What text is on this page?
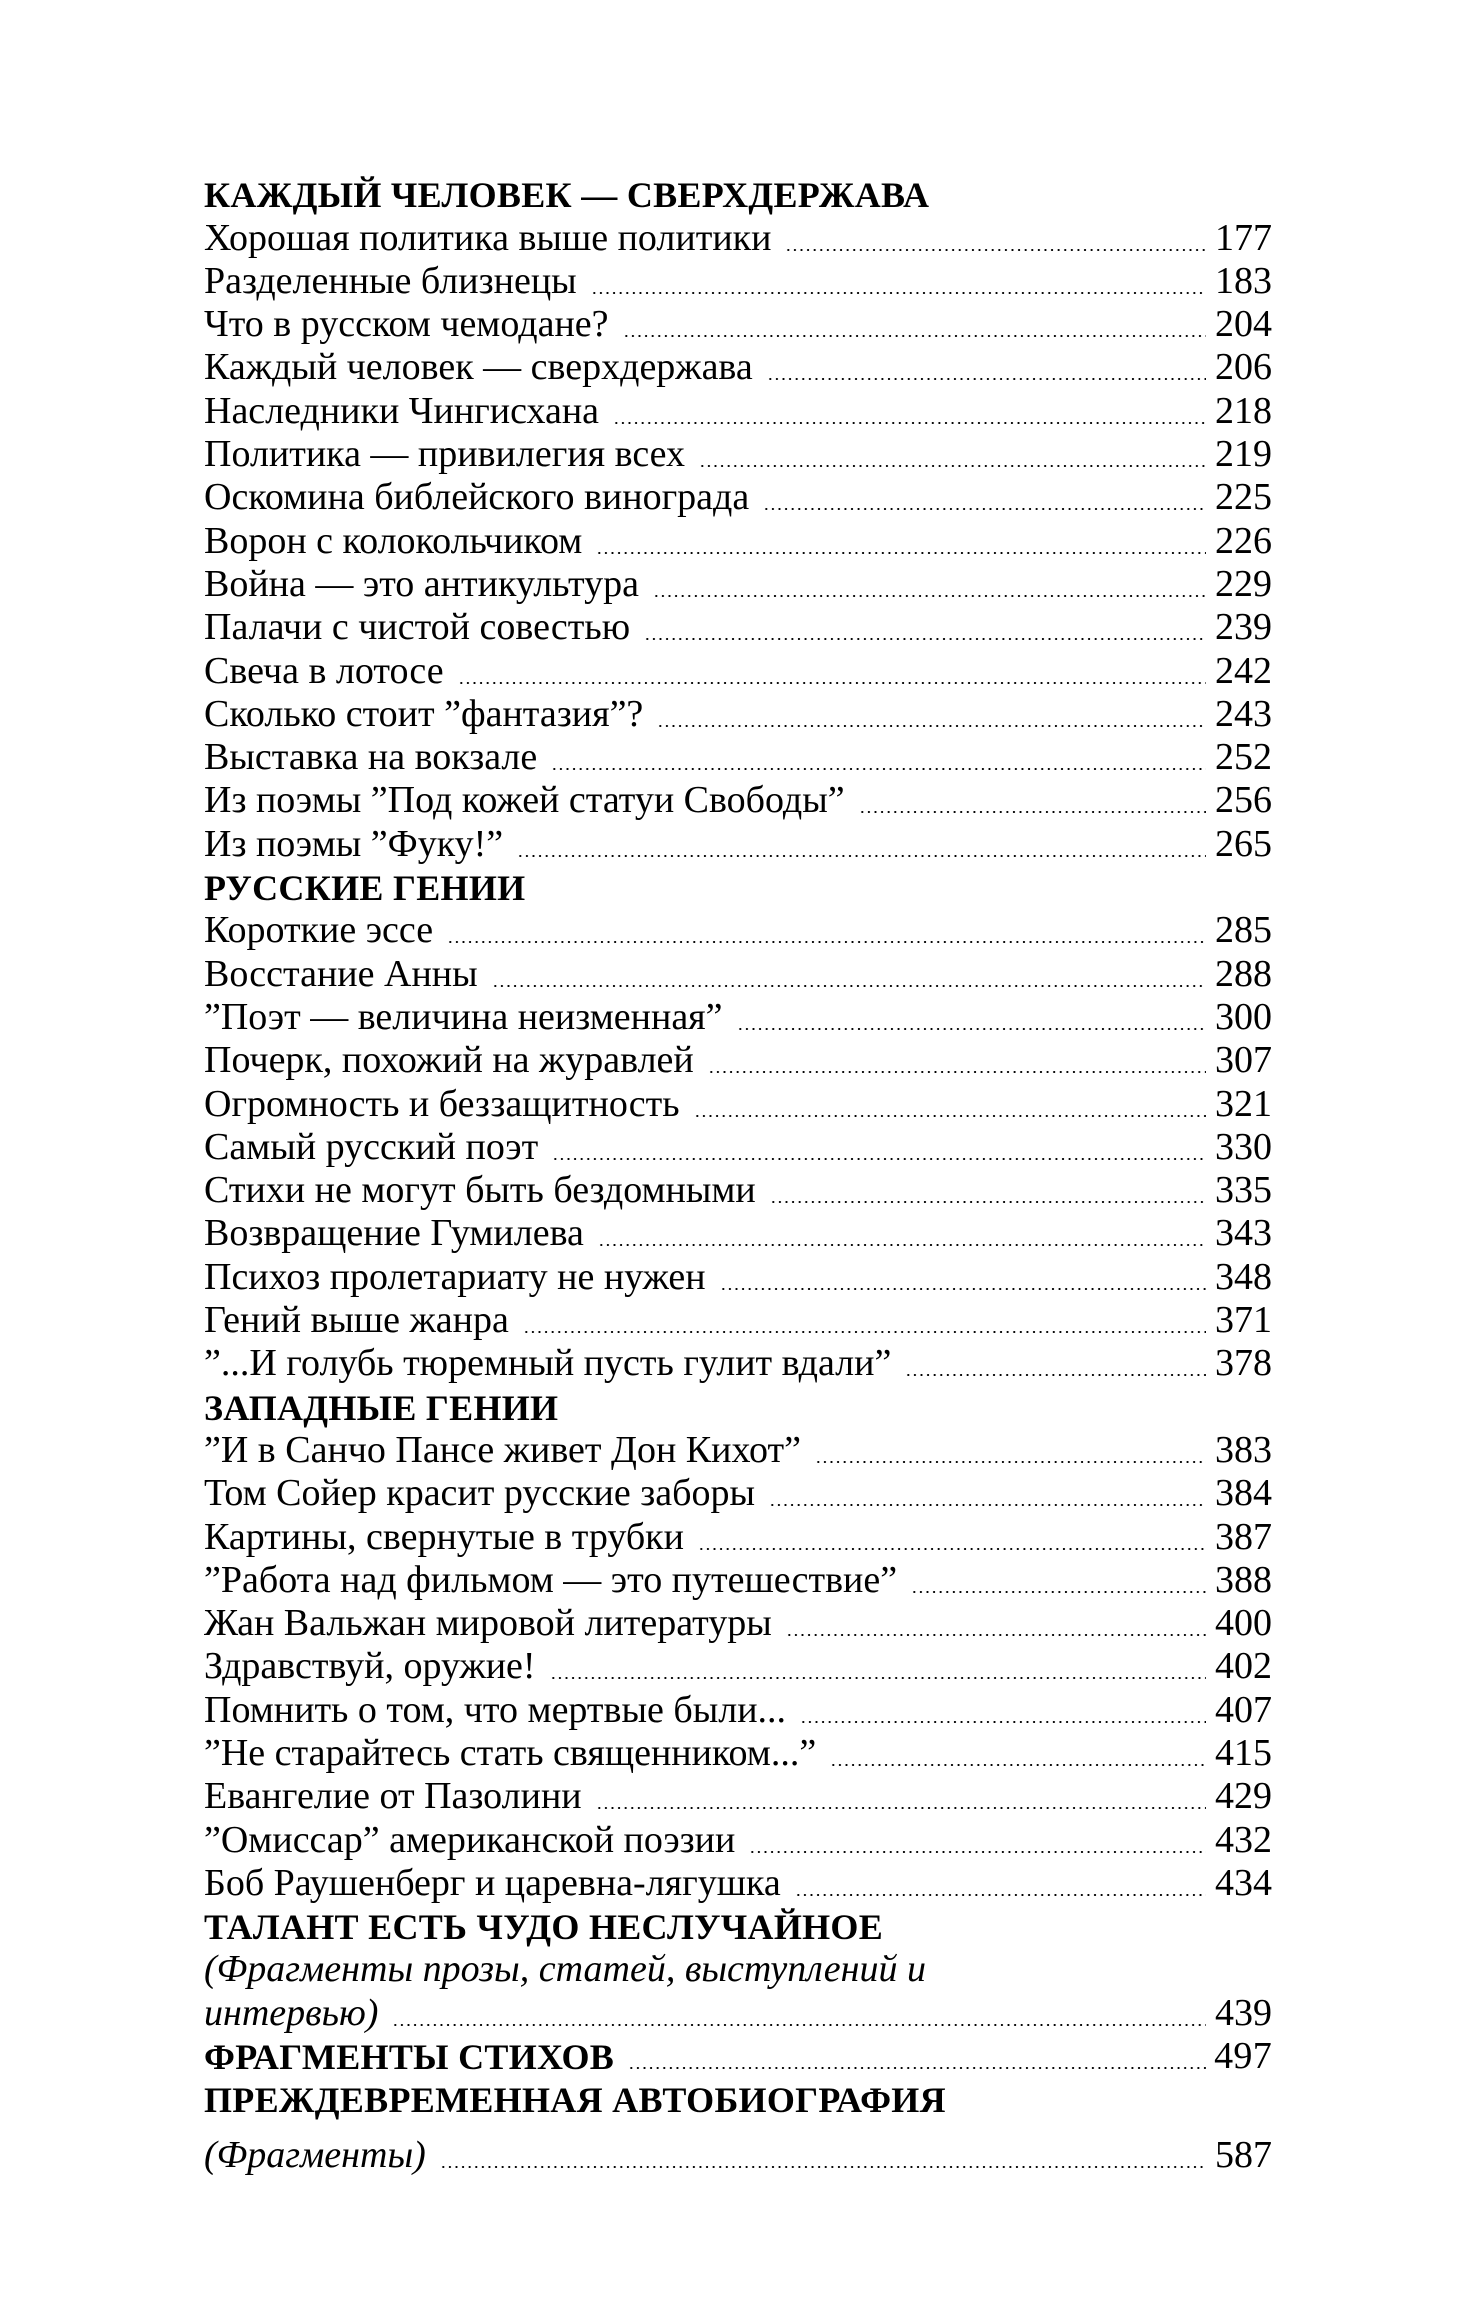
КАЖДЫЙ ЧЕЛОВЕК — СВЕРХДЕРЖАВА
Хорошая политика выше политики	177
Разделенные близнецы	183
Что в русском чемодане?	204
Каждый человек — сверхдержава	206
Наследники Чингисхана	218
Политика — привилегия всех	219
Оскомина библейского винограда	225
Ворон с колокольчиком	226
Война — это антикультура	229
Палачи с чистой совестью	239
Свеча в лотосе	242
Сколько стоит ”фантазия”?	243
Выставка на вокзале	252
Из поэмы ”Под кожей статуи Свободы”	256
Из поэмы ”Фуку!”	265
РУССКИЕ ГЕНИИ
Короткие эссе	285
Восстание Анны	288
”Поэт — величина неизменная”	300
Почерк, похожий на журавлей	307
Огромность и беззащитность	321
Самый русский поэт	330
Стихи не могут быть бездомными	335
Возвращение Гумилева	343
Психоз пролетариату не нужен	348
Гений выше жанра	371
”...И голубь тюремный пусть гулит вдали”	378
ЗАПАДНЫЕ ГЕНИИ
”И в Санчо Пансе живет Дон Кихот”	383
Том Сойер красит русские заборы	384
Картины, свернутые в трубки	387
”Работа над фильмом — это путешествие”	388
Жан Вальжан мировой литературы	400
Здравствуй, оружие!	402
Помнить о том, что мертвые были...	407
”Не старайтесь стать священником...”	415
Евангелие от Пазолини	429
”Омиссар” американской поэзии	432
Боб Раушенберг и царевна-лягушка	434
ТАЛАНТ ЕСТЬ ЧУДО НЕСЛУЧАЙНОЕ
(Фрагменты прозы, статей, выступлений и
интервью)	439
ФРАГМЕНТЫ СТИХОВ	497
ПРЕЖДЕВРЕМЕННАЯ АВТОБИОГРАФИЯ
(Фрагменты)	587
